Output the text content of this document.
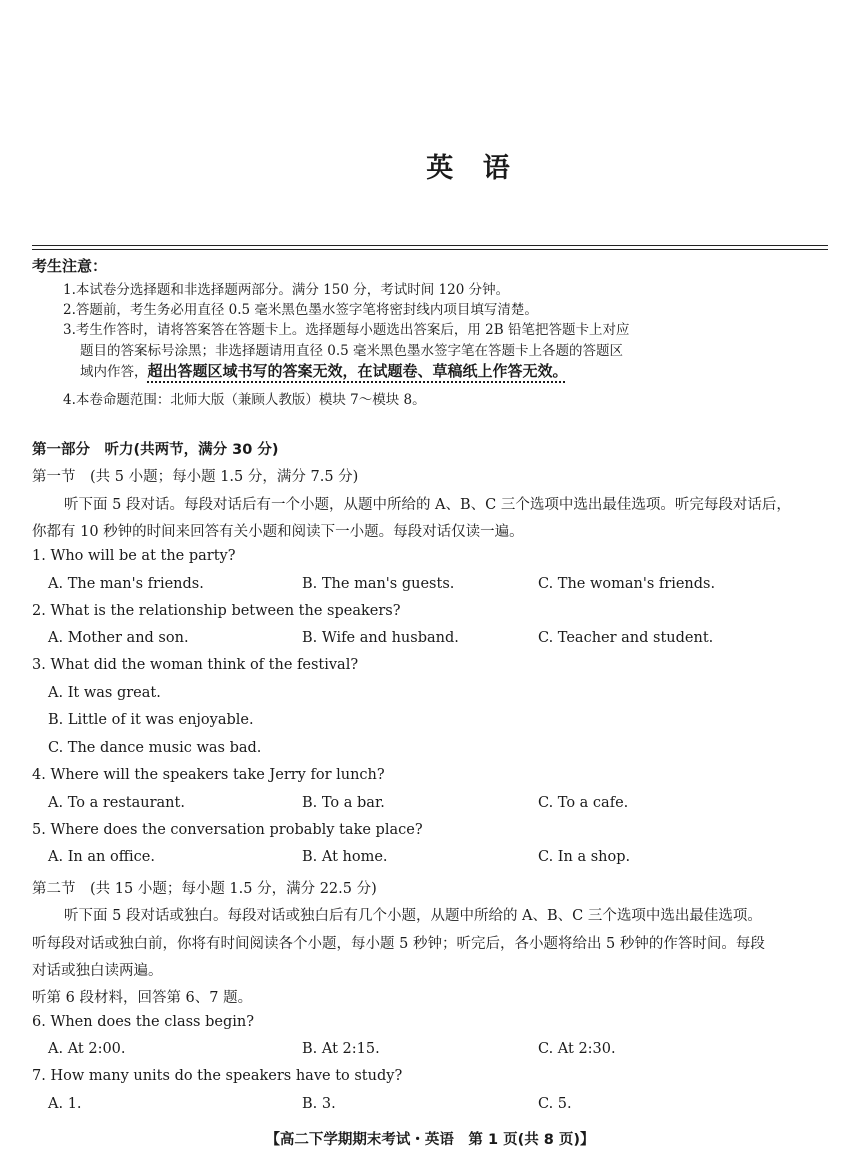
英 语
考生注意：
1.本试卷分选择题和非选择题两部分。满分 150 分，考试时间 120 分钟。
2.答题前，考生务必用直径 0.5 毫米黑色墨水签字笔将密封线内项目填写清楚。
3.考生作答时，请将答案答在答题卡上。选择题每小题选出答案后，用 2B 铅笔把答题卡上对应
题目的答案标号涂黑；非选择题请用直径 0.5 毫米黑色墨水签字笔在答题卡上各题的答题区
域内作答，超出答题区域书写的答案无效，在试题卷、草稿纸上作答无效。
4.本卷命题范围：北师大版（兼顾人教版）模块 7～模块 8。
第一部分　听力(共两节，满分 30 分)
第一节　(共 5 小题；每小题 1.5 分，满分 7.5 分)
听下面 5 段对话。每段对话后有一个小题，从题中所给的 A、B、C 三个选项中选出最佳选项。听完每段对话后，
你都有 10 秒钟的时间来回答有关小题和阅读下一小题。每段对话仅读一遍。
1. Who will be at the party?
A. The man's friends.	B. The man's guests.	C. The woman's friends.
2. What is the relationship between the speakers?
A. Mother and son.	B. Wife and husband.	C. Teacher and student.
3. What did the woman think of the festival?
A. It was great.
B. Little of it was enjoyable.
C. The dance music was bad.
4. Where will the speakers take Jerry for lunch?
A. To a restaurant.	B. To a bar.	C. To a cafe.
5. Where does the conversation probably take place?
A. In an office.	B. At home.	C. In a shop.
第二节　(共 15 小题；每小题 1.5 分，满分 22.5 分)
听下面 5 段对话或独白。每段对话或独白后有几个小题，从题中所给的 A、B、C 三个选项中选出最佳选项。
听每段对话或独白前，你将有时间阅读各个小题，每小题 5 秒钟；听完后，各小题将给出 5 秒钟的作答时间。每段
对话或独白读两遍。
听第 6 段材料，回答第 6、7 题。
6. When does the class begin?
A. At 2:00.	B. At 2:15.	C. At 2:30.
7. How many units do the speakers have to study?
A. 1.	B. 3.	C. 5.
【高二下学期期末考试・英语　第 1 页(共 8 页)】
